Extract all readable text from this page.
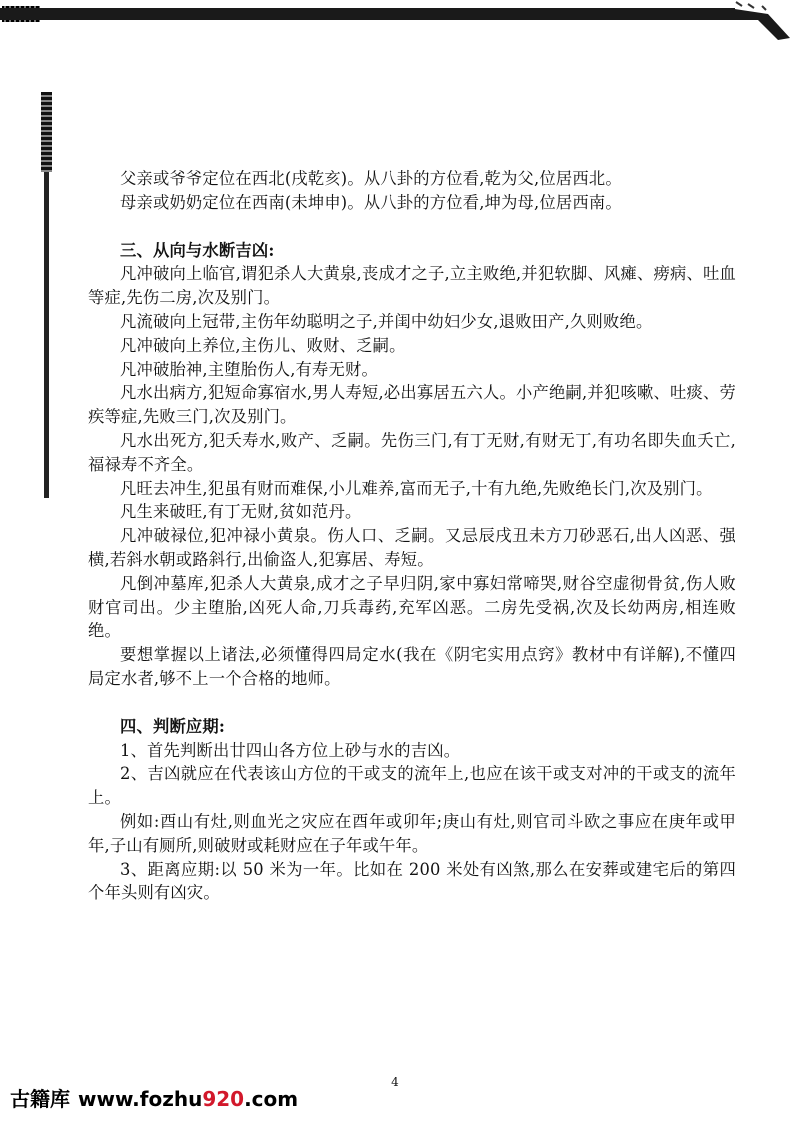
父亲或爷爷定位在西北(戌乾亥)。从八卦的方位看,乾为父,位居西北。

母亲或奶奶定位在西南(未坤申)。从八卦的方位看,坤为母,位居西南。

三、从向与水断吉凶:

凡冲破向上临官,谓犯杀人大黄泉,丧成才之子,立主败绝,并犯软脚、风瘫、痨病、吐血等症,先伤二房,次及别门。

凡流破向上冠带,主伤年幼聪明之子,并闺中幼妇少女,退败田产,久则败绝。

凡冲破向上养位,主伤儿、败财、乏嗣。

凡冲破胎神,主堕胎伤人,有寿无财。

凡水出病方,犯短命寡宿水,男人寿短,必出寡居五六人。小产绝嗣,并犯咳嗽、吐痰、劳疾等症,先败三门,次及别门。

凡水出死方,犯夭寿水,败产、乏嗣。先伤三门,有丁无财,有财无丁,有功名即失血夭亡,福禄寿不齐全。

凡旺去冲生,犯虽有财而难保,小儿难养,富而无子,十有九绝,先败绝长门,次及别门。

凡生来破旺,有丁无财,贫如范丹。

凡冲破禄位,犯冲禄小黄泉。伤人口、乏嗣。又忌辰戌丑未方刀砂恶石,出人凶恶、强横,若斜水朝或路斜行,出偷盗人,犯寡居、寿短。

凡倒冲墓库,犯杀人大黄泉,成才之子早归阴,家中寡妇常啼哭,财谷空虚彻骨贫,伤人败财官司出。少主堕胎,凶死人命,刀兵毒药,充军凶恶。二房先受祸,次及长幼两房,相连败绝。

要想掌握以上诸法,必须懂得四局定水(我在《阴宅实用点窍》教材中有详解),不懂四局定水者,够不上一个合格的地师。

四、判断应期:

1、首先判断出廿四山各方位上砂与水的吉凶。

2、吉凶就应在代表该山方位的干或支的流年上,也应在该干或支对冲的干或支的流年上。

例如:酉山有灶,则血光之灾应在酉年或卯年;庚山有灶,则官司斗欧之事应在庚年或甲年,子山有厕所,则破财或耗财应在子年或午年。

3、距离应期:以 50 米为一年。比如在 200 米处有凶煞,那么在安葬或建宅后的第四个年头则有凶灾。

4
古籍库 www.fozhu920.com
